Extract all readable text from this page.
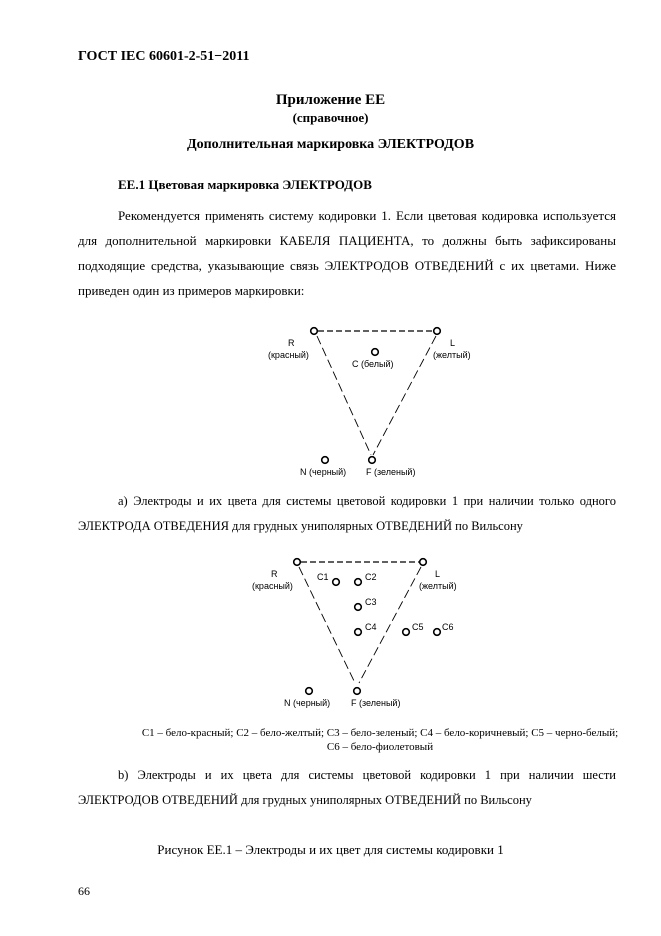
ГОСТ IEC 60601-2-51−2011
Приложение ЕЕ
(справочное)
Дополнительная маркировка ЭЛЕКТРОДОВ
ЕЕ.1 Цветовая маркировка ЭЛЕКТРОДОВ
Рекомендуется применять систему кодировки 1. Если цветовая кодировка используется для дополнительной маркировки КАБЕЛЯ ПАЦИЕНТА, то должны быть зафиксированы подходящие средства, указывающие связь ЭЛЕКТРОДОВ ОТВЕДЕНИЙ с их цветами. Ниже приведен один из примеров маркировки:
R
(красный)
L
(желтый)
C (белый)
N (черный) F (зеленый)
а) Электроды и их цвета для системы цветовой кодировки 1 при наличии только одного ЭЛЕКТРОДА ОТВЕДЕНИЯ для грудных униполярных ОТВЕДЕНИЙ по Вильсону
R
(красный)
L
(желтый)
C1	C2
C3
C4	C5 C6
N (черный) F (зеленый)
C1 – бело-красный; C2 – бело-желтый; C3 – бело-зеленый; C4 – бело-коричневый; C5 – черно-белый; C6 – бело-фиолетовый
b) Электроды и их цвета для системы цветовой кодировки 1 при наличии шести ЭЛЕКТРОДОВ ОТВЕДЕНИЙ для грудных униполярных ОТВЕДЕНИЙ по Вильсону
Рисунок ЕЕ.1 – Электроды и их цвет для системы кодировки 1
66
